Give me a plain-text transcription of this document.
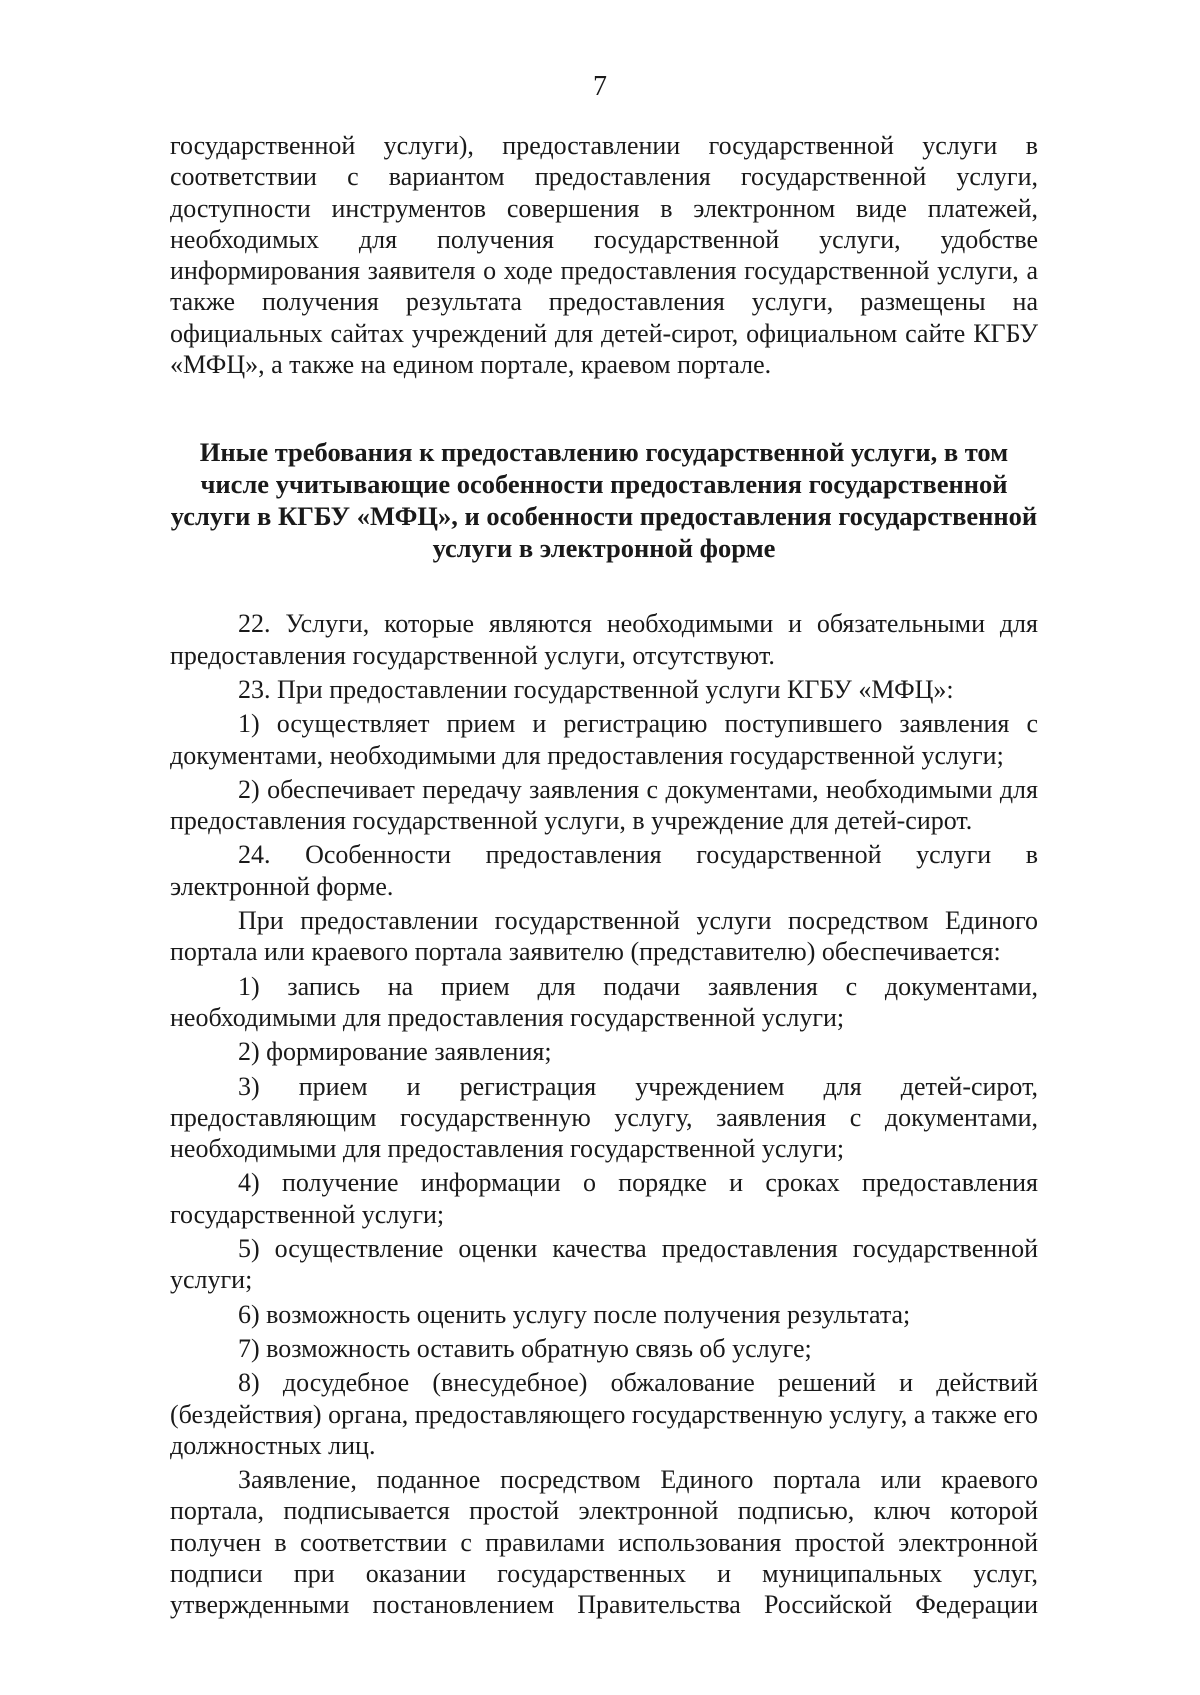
7

государственной услуги), предоставлении государственной услуги в соответствии с вариантом предоставления государственной услуги, доступности инструментов совершения в электронном виде платежей, необходимых для получения государственной услуги, удобстве информирования заявителя о ходе предоставления государственной услуги, а также получения результата предоставления услуги, размещены на официальных сайтах учреждений для детей-сирот, официальном сайте КГБУ «МФЦ», а также на едином портале, краевом портале.

Иные требования к предоставлению государственной услуги, в том
числе учитывающие особенности предоставления государственной
услуги в КГБУ «МФЦ», и особенности предоставления государственной
услуги в электронной форме

22. Услуги, которые являются необходимыми и обязательными для предоставления государственной услуги, отсутствуют.

23. При предоставлении государственной услуги КГБУ «МФЦ»:

1) осуществляет прием и регистрацию поступившего заявления с документами, необходимыми для предоставления государственной услуги;

2) обеспечивает передачу заявления с документами, необходимыми для предоставления государственной услуги, в учреждение для детей-сирот.

24. Особенности предоставления государственной услуги в электронной форме.

При предоставлении государственной услуги посредством Единого портала или краевого портала заявителю (представителю) обеспечивается:

1) запись на прием для подачи заявления с документами, необходимыми для предоставления государственной услуги;

2) формирование заявления;

3) прием и регистрация учреждением для детей-сирот, предоставляющим государственную услугу, заявления с документами, необходимыми для предоставления государственной услуги;

4) получение информации о порядке и сроках предоставления государственной услуги;

5) осуществление оценки качества предоставления государственной услуги;

6) возможность оценить услугу после получения результата;

7) возможность оставить обратную связь об услуге;

8) досудебное (внесудебное) обжалование решений и действий (бездействия) органа, предоставляющего государственную услугу, а также его должностных лиц.

Заявление, поданное посредством Единого портала или краевого портала, подписывается простой электронной подписью, ключ которой получен в соответствии с правилами использования простой электронной подписи при оказании государственных и муниципальных услуг, утвержденными постановлением Правительства Российской Федерации
